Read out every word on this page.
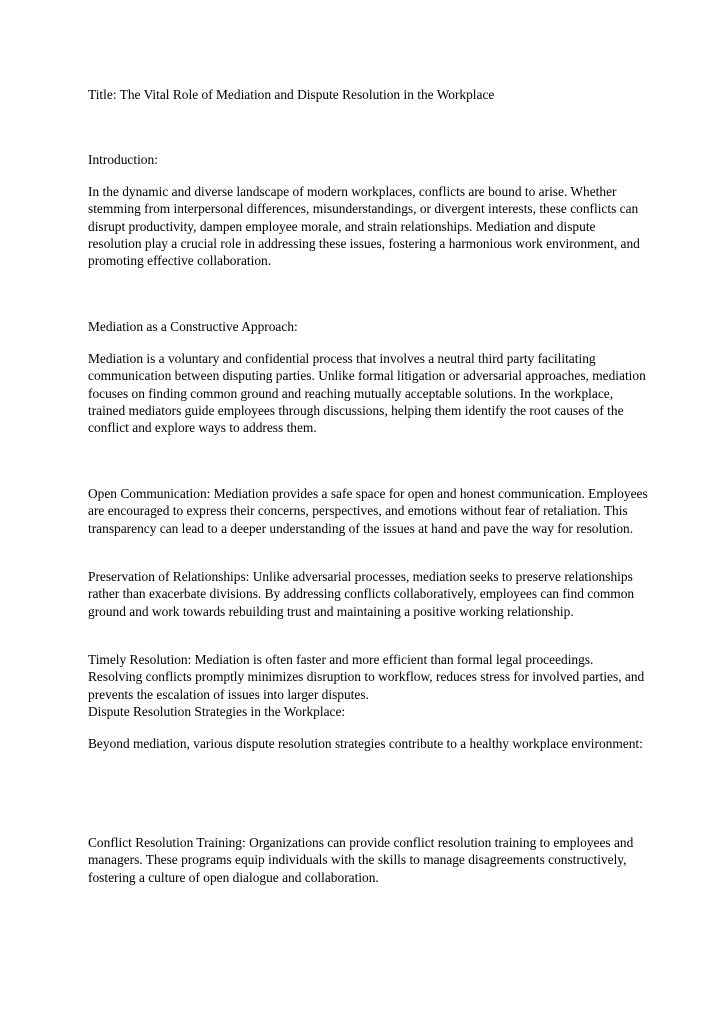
Title: The Vital Role of Mediation and Dispute Resolution in the Workplace

Introduction:

In the dynamic and diverse landscape of modern workplaces, conflicts are bound to arise. Whether stemming from interpersonal differences, misunderstandings, or divergent interests, these conflicts can disrupt productivity, dampen employee morale, and strain relationships. Mediation and dispute resolution play a crucial role in addressing these issues, fostering a harmonious work environment, and promoting effective collaboration.

Mediation as a Constructive Approach:

Mediation is a voluntary and confidential process that involves a neutral third party facilitating communication between disputing parties. Unlike formal litigation or adversarial approaches, mediation focuses on finding common ground and reaching mutually acceptable solutions. In the workplace, trained mediators guide employees through discussions, helping them identify the root causes of the conflict and explore ways to address them.

Open Communication: Mediation provides a safe space for open and honest communication. Employees are encouraged to express their concerns, perspectives, and emotions without fear of retaliation. This transparency can lead to a deeper understanding of the issues at hand and pave the way for resolution.

Preservation of Relationships: Unlike adversarial processes, mediation seeks to preserve relationships rather than exacerbate divisions. By addressing conflicts collaboratively, employees can find common ground and work towards rebuilding trust and maintaining a positive working relationship.

Timely Resolution: Mediation is often faster and more efficient than formal legal proceedings. Resolving conflicts promptly minimizes disruption to workflow, reduces stress for involved parties, and prevents the escalation of issues into larger disputes.

Dispute Resolution Strategies in the Workplace:

Beyond mediation, various dispute resolution strategies contribute to a healthy workplace environment:

Conflict Resolution Training: Organizations can provide conflict resolution training to employees and managers. These programs equip individuals with the skills to manage disagreements constructively, fostering a culture of open dialogue and collaboration.
